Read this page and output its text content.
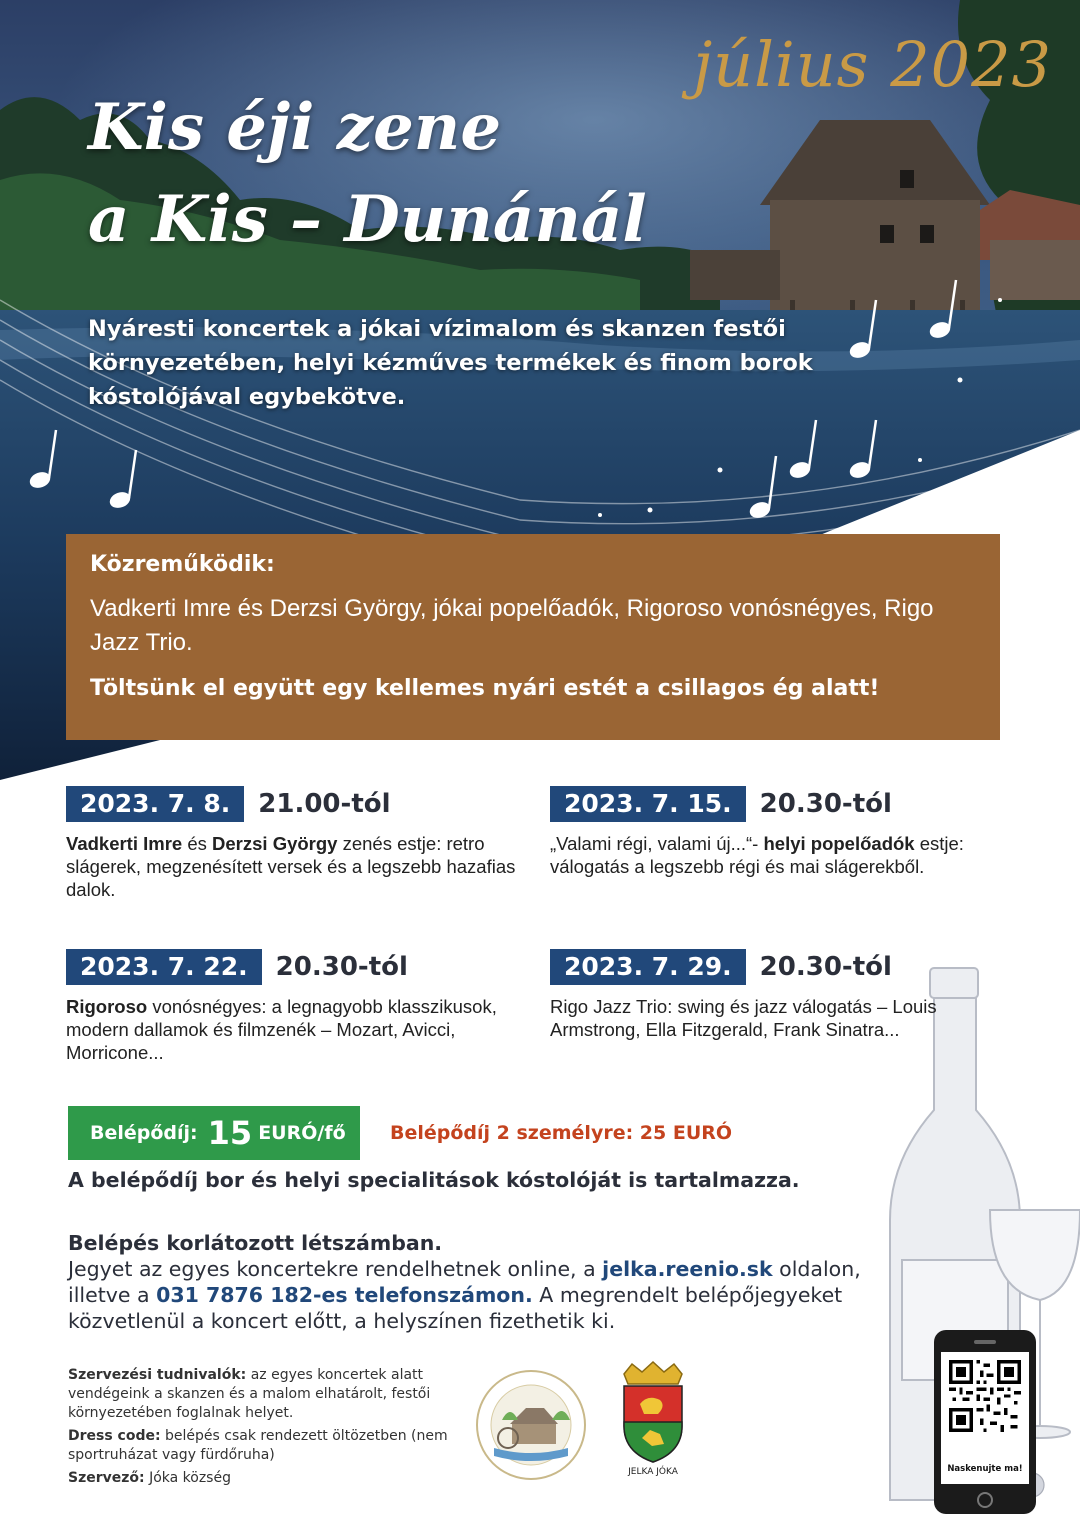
július 2023
Kis éji zene
a Kis – Dunánál

Nyáresti koncertek a jókai vízimalom és skanzen festői környezetében, helyi kézműves termékek és finom borok kóstolójával egybekötve.

Közreműködik:
Vadkerti Imre és Derzsi György, jókai popelőadók, Rigoroso vonósnégyes, Rigo Jazz Trio.
Töltsünk el együtt egy kellemes nyári estét a csillagos ég alatt!
2023. 7. 8.	21.00-tól

Vadkerti Imre és Derzsi György zenés estje: retro slágerek, megzenésített versek és a legszebb hazafias dalok.

2023. 7. 15.	20.30-tól

„Valami régi, valami új...“- helyi popelőadók estje: válogatás a legszebb régi és mai slágerekből.

2023. 7. 22.	20.30-tól

Rigoroso vonósnégyes: a legnagyobb klasszikusok, modern dallamok és filmzenék – Mozart, Avicci, Morricone...

2023. 7. 29.	20.30-tól

Rigo Jazz Trio: swing és jazz válogatás – Louis Armstrong, Ella Fitzgerald, Frank Sinatra...

Belépődíj: 15 EURÓ/fő Belépődíj 2 személyre: 25 EURÓ
A belépődíj bor és helyi specialitások kóstolóját is tartalmazza.
Belépés korlátozott létszámban.

Jegyet az egyes koncertekre rendelhetnek online, a jelka.reenio.sk oldalon, illetve a 031 7876 182-es telefonszámon. A megrendelt belépőjegyeket közvetlenül a koncert előtt, a helyszínen fizethetik ki.

Szervezési tudnivalók: az egyes koncertek alatt vendégeink a skanzen és a malom elhatárolt, festői környezetében foglalnak helyet.

Dress code: belépés csak rendezett öltözetben (nem sportruházat vagy fürdőruha)

Szervező: Jóka község	JELKA JÓKA	Naskenujte ma!
